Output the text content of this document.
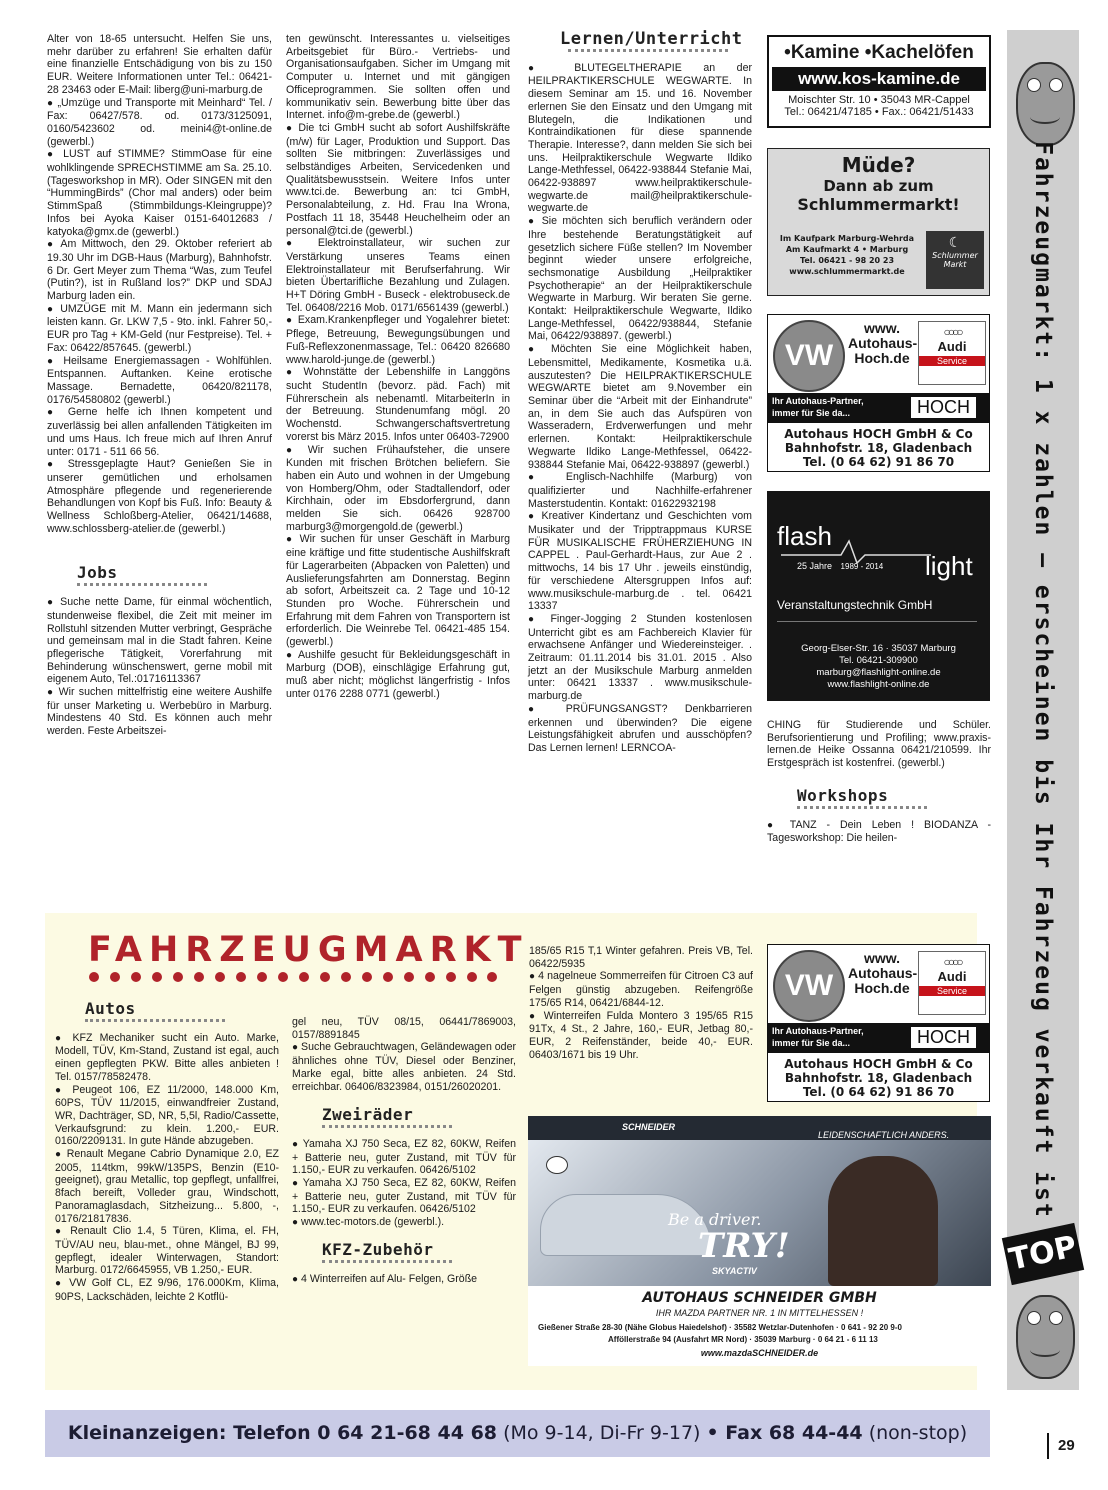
Alter von 18-65 untersucht. Helfen Sie uns, mehr darüber zu erfahren! Sie erhalten dafür eine finanzielle Entschädigung von bis zu 150 EUR. Weitere Informationen unter Tel.: 06421-28 23463 oder E-Mail: liberg@uni-marburg.de

● „Umzüge und Transporte mit Meinhard“ Tel. / Fax: 06427/578. od. 0173/3125091, 0160/5423602 od. meini4@t-online.de (gewerbl.)

● LUST auf STIMME? StimmOase für eine wohlklingende SPRECHSTIMME am Sa. 25.10. (Tagesworkshop in MR). Oder SINGEN mit den “HummingBirds” (Chor mal anders) oder beim StimmSpaß (Stimmbildungs-Kleingruppe)? Infos bei Ayoka Kaiser 0151-64012683 / katyoka@gmx.de (gewerbl.)

● Am Mittwoch, den 29. Oktober referiert ab 19.30 Uhr im DGB-Haus (Marburg), Bahnhofstr. 6 Dr. Gert Meyer zum Thema “Was, zum Teufel (Putin?), ist in Rußland los?” DKP und SDAJ Marburg laden ein.

● UMZÜGE mit M. Mann ein jedermann sich leisten kann. Gr. LKW 7,5 - 9to. inkl. Fahrer 50,- EUR pro Tag + KM-Geld (nur Festpreise). Tel. + Fax: 06422/857645. (gewerbl.)

● Heilsame Energiemassagen - Wohlfühlen. Entspannen. Auftanken. Keine erotische Massage. Bernadette, 06420/821178, 0176/54580802 (gewerbl.)

● Gerne helfe ich Ihnen kompetent und zuverlässig bei allen anfallenden Tätigkeiten im und ums Haus. Ich freue mich auf Ihren Anruf unter: 0171 - 511 66 56.

● Stressgeplagte Haut? Genießen Sie in unserer gemütlichen und erholsamen Atmosphäre pflegende und regenerierende Behandlungen von Kopf bis Fuß. Info: Beauty & Wellness Schloßberg-Atelier, 06421/14688, www.schlossberg-atelier.de (gewerbl.)

Jobs

● Suche nette Dame, für einmal wöchentlich, stundenweise flexibel, die Zeit mit meiner im Rollstuhl sitzenden Mutter verbringt, Gespräche und gemeinsam mal in die Stadt fahren. Keine pflegerische Tätigkeit, Vorerfahrung mit Behinderung wünschenswert, gerne mobil mit eigenem Auto, Tel.:01716113367

● Wir suchen mittelfristig eine weitere Aushilfe für unser Marketing u. Werbebüro in Marburg. Mindestens 40 Std. Es können auch mehr werden. Feste Arbeitszei-

ten gewünscht. Interessantes u. vielseitiges Arbeitsgebiet für Büro.- Vertriebs- und Organisationsaufgaben. Sicher im Umgang mit Computer u. Internet und mit gängigen Officeprogrammen. Sie sollten offen und kommunikativ sein. Bewerbung bitte über das Internet. info@m-grebe.de (gewerbl.)

● Die tci GmbH sucht ab sofort Aushilfskräfte (m/w) für Lager, Produktion und Support. Das sollten Sie mitbringen: Zuverlässiges und selbständiges Arbeiten, Servicedenken und Qualitätsbewusstsein. Weitere Infos unter www.tci.de. Bewerbung an: tci GmbH, Personalabteilung, z. Hd. Frau Ina Wrona, Postfach 11 18, 35448 Heuchelheim oder an personal@tci.de (gewerbl.)

● Elektroinstallateur, wir suchen zur Verstärkung unseres Teams einen Elektroinstallateur mit Berufserfahrung. Wir bieten Übertarifliche Bezahlung und Zulagen. H+T Döring GmbH - Buseck - elektrobuseck.de Tel. 06408/2216 Mob. 0171/6561439 (gewerbl.)

● Exam.Krankenpfleger und Yogalehrer bietet: Pflege, Betreuung, Bewegungsübungen und Fuß-Reflexzonenmassage, Tel.: 06420 826680 www.harold-junge.de (gewerbl.)

● Wohnstätte der Lebenshilfe in Langgöns sucht StudentIn (bevorz. päd. Fach) mit Führerschein als nebenamtl. MitarbeiterIn in der Betreuung. Stundenumfang mögl. 20 Wochenstd. Schwangerschaftsvertretung vorerst bis März 2015. Infos unter 06403-72900

● Wir suchen Frühaufsteher, die unsere Kunden mit frischen Brötchen beliefern. Sie haben ein Auto und wohnen in der Umgebung von Homberg/Ohm, oder Stadtallendorf, oder Kirchhain, oder im Ebsdorfergrund, dann melden Sie sich. 06426 928700 marburg3@morgengold.de (gewerbl.)

● Wir suchen für unser Geschäft in Marburg eine kräftige und fitte studentische Aushilfskraft für Lagerarbeiten (Abpacken von Paletten) und Auslieferungsfahrten am Donnerstag. Beginn ab sofort, Arbeitszeit ca. 2 Tage und 10-12 Stunden pro Woche. Führerschein und Erfahrung mit dem Fahren von Transportern ist erforderlich. Die Weinrebe Tel. 06421-485 154. (gewerbl.)

● Aushilfe gesucht für Bekleidungsgeschäft in Marburg (DOB), einschlägige Erfahrung gut, muß aber nicht; möglichst längerfristig - Infos unter 0176 2288 0771 (gewerbl.)

Lernen/Unterricht

● BLUTEGELTHERAPIE an der HEILPRAKTIKERSCHULE WEGWARTE. In diesem Seminar am 15. und 16. November erlernen Sie den Einsatz und den Umgang mit Blutegeln, die Indikationen und Kontraindikationen für diese spannende Therapie. Interesse?, dann melden Sie sich bei uns. Heilpraktikerschule Wegwarte Ildiko Lange-Methfessel, 06422-938844 Stefanie Mai, 06422-938897 www.heilpraktikerschule-wegwarte.de mail@heilpraktikerschule-wegwarte.de

● Sie möchten sich beruflich verändern oder Ihre bestehende Beratungstätigkeit auf gesetzlich sichere Füße stellen? Im November beginnt wieder unsere erfolgreiche, sechsmonatige Ausbildung „Heilpraktiker Psychotherapie“ an der Heilpraktikerschule Wegwarte in Marburg. Wir beraten Sie gerne. Kontakt: Heilpraktikerschule Wegwarte, Ildiko Lange-Methfessel, 06422/938844, Stefanie Mai, 06422/938897. (gewerbl.)

● Möchten Sie eine Möglichkeit haben, Lebensmittel, Medikamente, Kosmetika u.ä. auszutesten? Die HEILPRAKTIKERSCHULE WEGWARTE bietet am 9.November ein Seminar über die “Arbeit mit der Einhandrute” an, in dem Sie auch das Aufspüren von Wasseradern, Erdverwerfungen und mehr erlernen. Kontakt: Heilpraktikerschule Wegwarte Ildiko Lange-Methfessel, 06422-938844 Stefanie Mai, 06422-938897 (gewerbl.)

● Englisch-Nachhilfe (Marburg) von qualifizierter und Nachhilfe-erfahrener Masterstudentin. Kontakt: 01622932198

● Kreativer Kindertanz und Geschichten vom Musikater und der Tripptrappmaus KURSE FÜR MUSIKALISCHE FRÜHERZIEHUNG IN CAPPEL . Paul-Gerhardt-Haus, zur Aue 2 . mittwochs, 14 bis 17 Uhr . jeweils einstündig, für verschiedene Altersgruppen Infos auf: www.musikschule-marburg.de . tel. 06421 13337

● Finger-Jogging 2 Stunden kostenlosen Unterricht gibt es am Fachbereich Klavier für erwachsene Anfänger und Wiedereinsteiger. . Zeitraum: 01.11.2014 bis 31.01. 2015 . Also jetzt an der Musikschule Marburg anmelden unter: 06421 13337 . www.musikschule-marburg.de

● PRÜFUNGSANGST? Denkbarrieren erkennen und überwinden? Die eigene Leistungsfähigkeit abrufen und ausschöpfen? Das Lernen lernen! LERNCOA-

•Kamine •Kachelöfen
www.kos-kamine.de
Moischter Str. 10 • 35043 MR-Cappel
Tel.: 06421/47185 • Fax.: 06421/51433
Müde?
Dann ab zum
Schlummermarkt!
Im Kaufpark Marburg-Wehrda
Am Kaufmarkt 4 • Marburg
Tel. 06421 - 98 20 23
www.schlummermarkt.de
☾
Schlummer Markt
VW
www.
Autohaus-
Hoch.de
○○○○
Audi
Service
Ihr Autohaus-Partner,
immer für Sie da...	HOCH
Autohaus HOCH GmbH & Co
Bahnhofstr. 18, Gladenbach
Tel. (0 64 62) 91 86 70
flash
light
25 Jahre 1989 - 2014
Veranstaltungstechnik GmbH
Georg-Elser-Str. 16 · 35037 Marburg
Tel. 06421-309900
marburg@flashlight-online.de
www.flashlight-online.de

CHING für Studierende und Schüler. Berufsorientierung und Profiling; www.praxis-lernen.de Heike Ossanna 06421/210599. Ihr Erstgespräch ist kostenfrei. (gewerbl.)

Workshops

● TANZ - Dein Leben ! BIODANZA - Tagesworkshop: Die heilen-	Fahrzeugmarkt: 1 x zahlen – erscheinen bis Ihr Fahrzeug verkauft ist
TOP
FAHRZEUGMARKT
Autos

● KFZ Mechaniker sucht ein Auto. Marke, Modell, TÜV, Km-Stand, Zustand ist egal, auch einen gepflegten PKW. Bitte alles anbieten ! Tel. 0157/78582478.

● Peugeot 106, EZ 11/2000, 148.000 Km, 60PS, TÜV 11/2015, einwandfreier Zustand, WR, Dachträger, SD, NR, 5,5l, Radio/Cassette, Verkaufsgrund: zu klein. 1.200,- EUR. 0160/2209131. In gute Hände abzugeben.

● Renault Megane Cabrio Dynamique 2.0, EZ 2005, 114tkm, 99kW/135PS, Benzin (E10-geeignet), grau Metallic, top gepflegt, unfallfrei, 8fach bereift, Volleder grau, Windschott, Panoramaglasdach, Sitzheizung... 5.800, -, 0176/21817836.

● Renault Clio 1.4, 5 Türen, Klima, el. FH, TÜV/AU neu, blau-met., ohne Mängel, BJ 99, gepflegt, idealer Winterwagen, Standort: Marburg. 0172/6645955, VB 1.250,- EUR.

● VW Golf CL, EZ 9/96, 176.000Km, Klima, 90PS, Lackschäden, leichte 2 Kotflü-

gel neu, TÜV 08/15, 06441/7869003, 0157/8891845

● Suche Gebrauchtwagen, Geländewagen oder ähnliches ohne TÜV, Diesel oder Benziner, Marke egal, bitte alles anbieten. 24 Std. erreichbar. 06406/8323984, 0151/26020201.

Zweiräder

● Yamaha XJ 750 Seca, EZ 82, 60KW, Reifen + Batterie neu, guter Zustand, mit TÜV für 1.150,- EUR zu verkaufen. 06426/5102

● Yamaha XJ 750 Seca, EZ 82, 60KW, Reifen + Batterie neu, guter Zustand, mit TÜV für 1.150,- EUR zu verkaufen. 06426/5102

● www.tec-motors.de (gewerbl.).

KFZ-Zubehör

● 4 Winterreifen auf Alu- Felgen, Größe

185/65 R15 T,1 Winter gefahren. Preis VB, Tel. 06422/5935

● 4 nagelneue Sommerreifen für Citroen C3 auf Felgen günstig abzugeben. Reifengröße 175/65 R14, 06421/6844-12.

● Winterreifen Fulda Montero 3 195/65 R15 91Tx, 4 St., 2 Jahre, 160,- EUR, Jetbag 80,- EUR, 2 Reifenständer, beide 40,- EUR. 06403/1671 bis 19 Uhr.

VW
www.
Autohaus-
Hoch.de
○○○○
Audi
Service
Ihr Autohaus-Partner,
immer für Sie da...	HOCH
Autohaus HOCH GmbH & Co
Bahnhofstr. 18, Gladenbach
Tel. (0 64 62) 91 86 70
SCHNEIDER
LEIDENSCHAFTLICH ANDERS.
Be a driver.
TRY!
SKYACTIV
AUTOHAUS SCHNEIDER GMBH
IHR MAZDA PARTNER NR. 1 IN MITTELHESSEN !
Gießener Straße 28-30 (Nähe Globus Haiedelshof) · 35582 Wetzlar-Dutenhofen · 0 641 - 92 20 9-0
Afföllerstraße 94 (Ausfahrt MR Nord) · 35039 Marburg · 0 64 21 - 6 11 13
www.mazdaSCHNEIDER.de
Kleinanzeigen: Telefon 0 64 21-68 44 68 (Mo 9-14, Di-Fr 9-17) • Fax 68 44-44 (non-stop)
29
